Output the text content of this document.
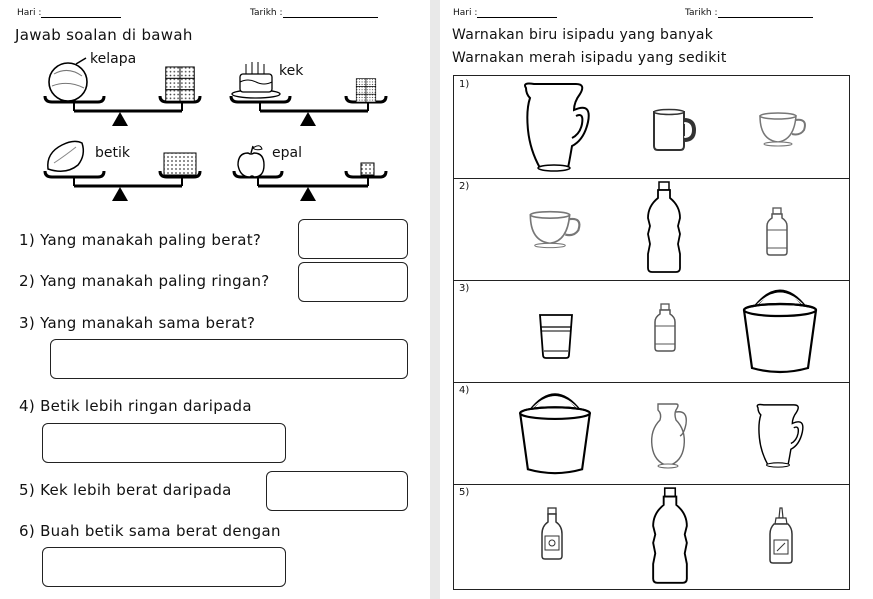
Hari :	Tarikh :
Jawab soalan di bawah
kelapa
kek
betik	epal
1) Yang manakah paling berat?
2) Yang manakah paling ringan?
3) Yang manakah sama berat?
4) Betik lebih ringan daripada
5) Kek lebih berat daripada
6) Buah betik sama berat dengan
Hari :	Tarikh :
Warnakan biru isipadu yang banyak
Warnakan merah isipadu yang sedikit
1)
2)
3)
4)
5)
